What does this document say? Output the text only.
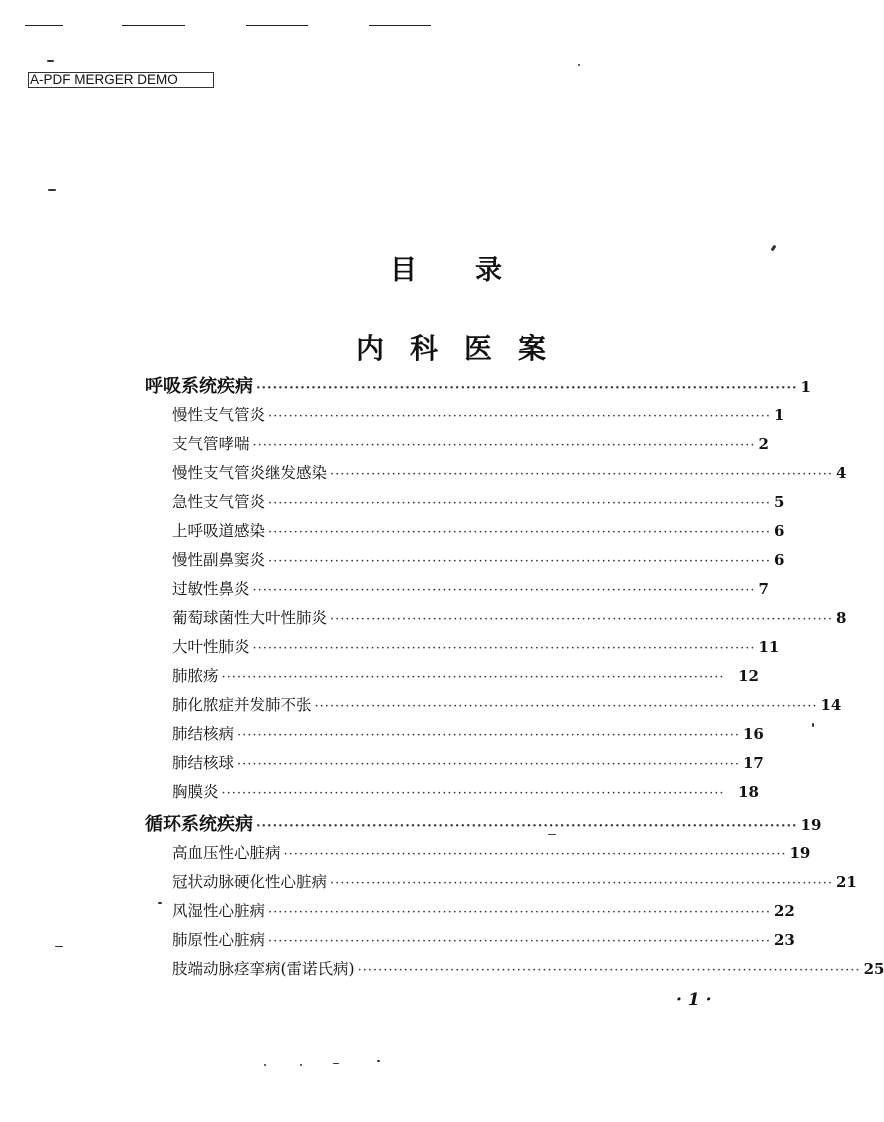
A-PDF MERGER DEMO
目录
内科医案
呼吸系统疾病 ·································································································· 1
慢性支气管炎 ·································································································· 1
支气管哮喘 ·································································································· 2
慢性支气管炎继发感染 ·································································································· 4
急性支气管炎 ·································································································· 5
上呼吸道感染 ·································································································· 6
慢性副鼻窦炎 ·································································································· 6
过敏性鼻炎 ·································································································· 7
葡萄球菌性大叶性肺炎 ·································································································· 8
大叶性肺炎 ·································································································· 11
肺脓疡 ·································································································· 12
肺化脓症并发肺不张 ·································································································· 14
肺结核病 ·································································································· 16
肺结核球 ·································································································· 17
胸膜炎 ·································································································· 18
循环系统疾病 ·································································································· 19
高血压性心脏病 ·································································································· 19
冠状动脉硬化性心脏病 ·································································································· 21
风湿性心脏病 ·································································································· 22
肺原性心脏病 ·································································································· 23
肢端动脉痉挛病(雷诺氏病) ·································································································· 25
· 1 ·
